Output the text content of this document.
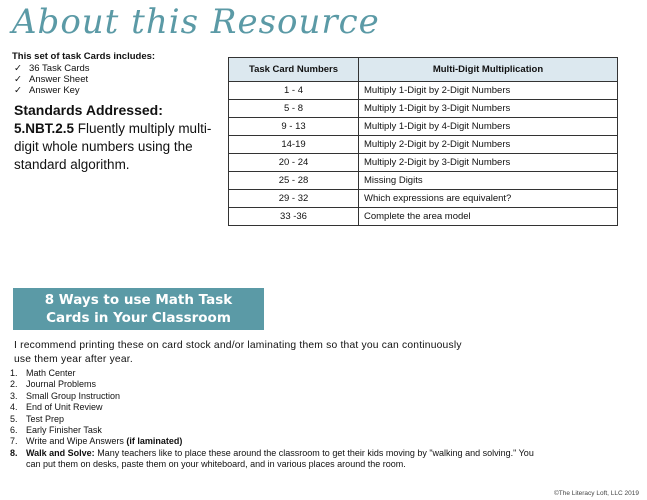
About this Resource
This set of task Cards includes:
✓ 36 Task Cards
✓ Answer Sheet
✓ Answer Key
Standards Addressed:
5.NBT.2.5 Fluently multiply multi-digit whole numbers using the standard algorithm.
Task Card Numbers	Multi-Digit Multiplication
1 - 4	Multiply 1-Digit by 2-Digit Numbers
5 - 8	Multiply 1-Digit by 3-Digit Numbers
9 - 13	Multiply 1-Digit by 4-Digit Numbers
14-19	Multiply 2-Digit by 2-Digit Numbers
20 - 24	Multiply 2-Digit by 3-Digit Numbers
25 - 28	Missing Digits
29 - 32	Which expressions are equivalent?
33 -36	Complete the area model
8 Ways to use Math Task
Cards in Your Classroom
I recommend printing these on card stock and/or laminating them so that you can continuously use them year after year.
1. Math Center
2. Journal Problems
3. Small Group Instruction
4. End of Unit Review
5. Test Prep
6. Early Finisher Task
7. Write and Wipe Answers (if laminated)
8. Walk and Solve: Many teachers like to place these around the classroom to get their kids moving by "walking and solving." You can put them on desks, paste them on your whiteboard, and in various places around the room.
©The Literacy Loft, LLC 2019
